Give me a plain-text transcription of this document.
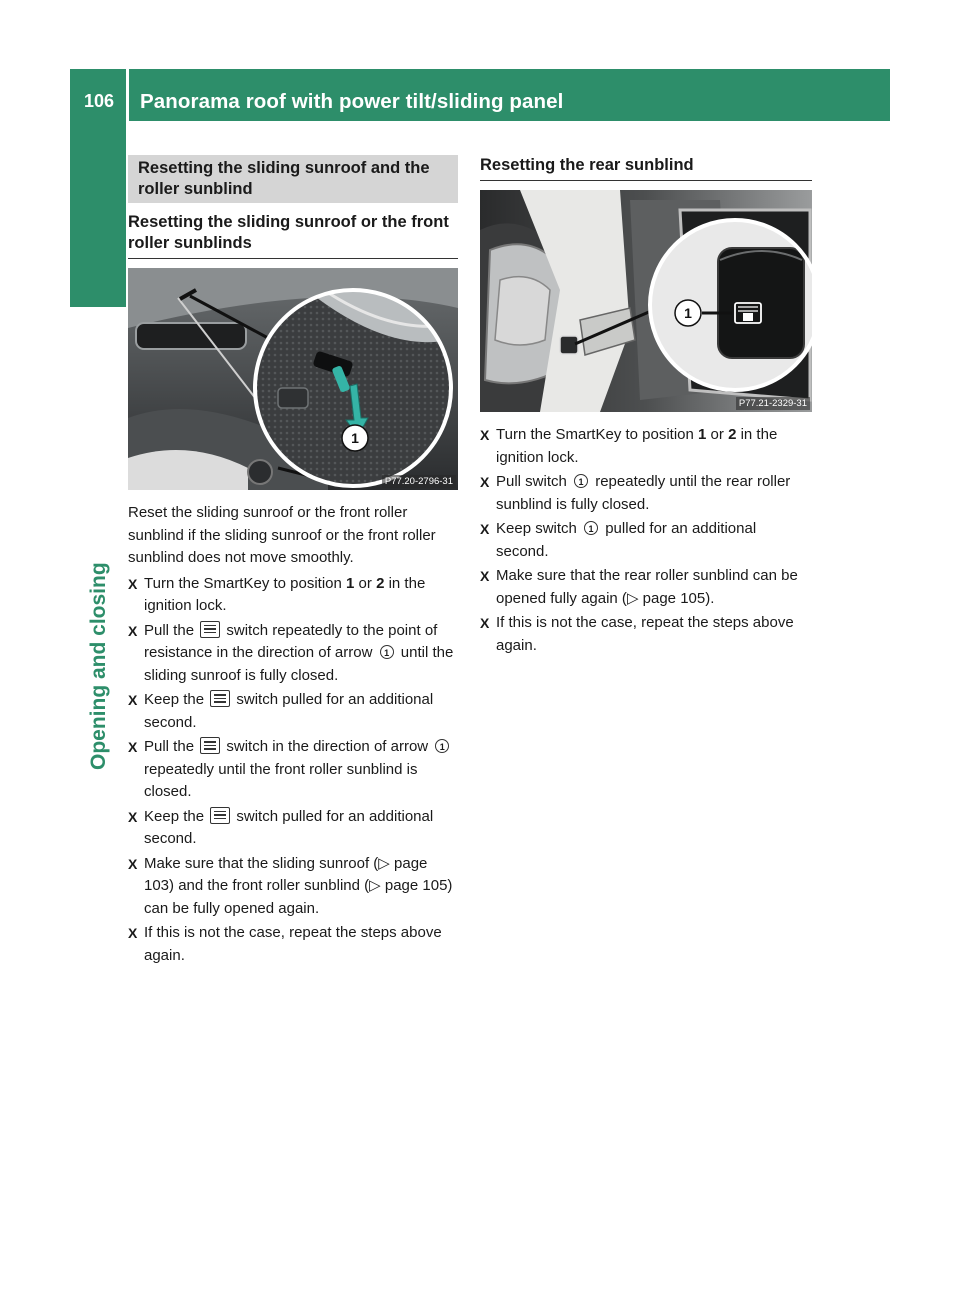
106 Panorama roof with power tilt/sliding panel
Opening and closing
Resetting the sliding sunroof and the roller sunblind
Resetting the sliding sunroof or the front roller sunblinds
1
P77.20-2796-31

Reset the sliding sunroof or the front roller sunblind if the sliding sunroof or the front roller sunblind does not move smoothly.

X Turn the SmartKey to position 1 or 2 in the ignition lock.
X Pull the
switch repeatedly to the point of resistance in the direction of arrow 1 until the sliding sunroof is fully closed.
X Keep the
switch pulled for an additional second.
X Pull the
switch in the direction of arrow 1 repeatedly until the front roller sunblind is closed.
X Keep the
switch pulled for an additional second.
X Make sure that the sliding sunroof (▷ page 103) and the front roller sunblind (▷ page 105) can be fully opened again.
X If this is not the case, repeat the steps above again.
Resetting the rear sunblind
1
P77.21-2329-31
X Turn the SmartKey to position 1 or 2 in the ignition lock.
X Pull switch 1 repeatedly until the rear roller sunblind is fully closed.
X Keep switch 1 pulled for an additional second.
X Make sure that the rear roller sunblind can be opened fully again (▷ page 105).
X If this is not the case, repeat the steps above again.
